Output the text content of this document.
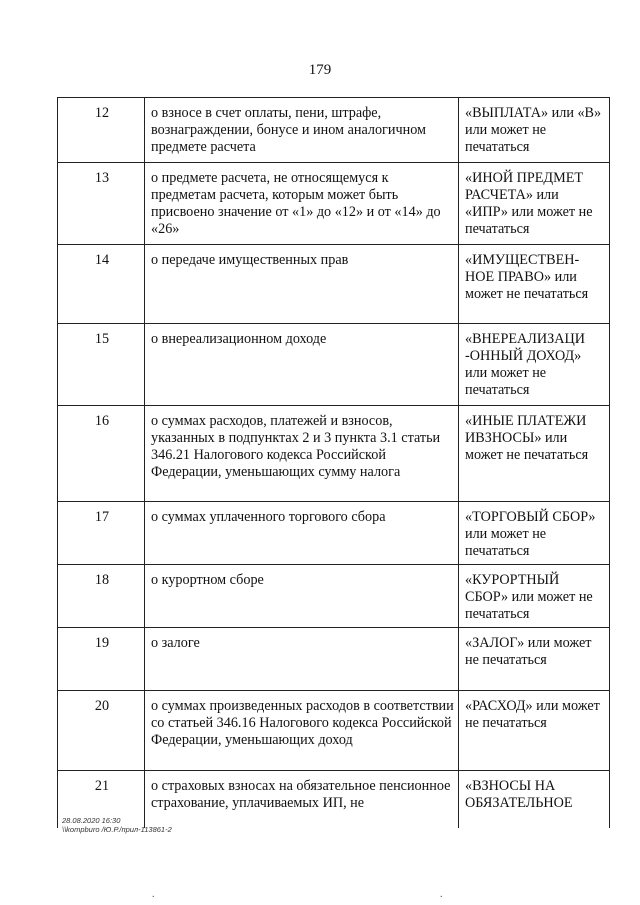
179
12	о взносе в счет оплаты, пени, штрафе, вознаграждении, бонусе и ином аналогичном предмете расчета	«ВЫПЛАТА» или «В» или может не печататься
13	о предмете расчета, не относящемуся к предметам расчета, которым может быть присвоено значение от «1» до «12» и от «14» до «26»	«ИНОЙ ПРЕДМЕТ РАСЧЕТА» или «ИПР» или может не печататься
14	о передаче имущественных прав	«ИМУЩЕСТВЕН-НОЕ ПРАВО» или может не печататься
15	о внереализационном доходе	«ВНЕРЕАЛИЗАЦИ -ОННЫЙ ДОХОД» или может не печататься
16	о суммах расходов, платежей и взносов, указанных в подпунктах 2 и 3 пункта 3.1 статьи 346.21 Налогового кодекса Российской Федерации, уменьшающих сумму налога	«ИНЫЕ ПЛАТЕЖИ ИВЗНОСЫ» или может не печататься
17	о суммах уплаченного торгового сбора	«ТОРГОВЫЙ СБОР» или может не печататься
18	о курортном сборе	«КУРОРТНЫЙ СБОР» или может не печататься
19	о залоге	«ЗАЛОГ» или может не печататься
20	о суммах произведенных расходов в соответствии со статьей 346.16 Налогового кодекса Российской Федерации, уменьшающих доход	«РАСХОД» или может не печататься
21	о страховых взносах на обязательное пенсионное страхование, уплачиваемых ИП, не	«ВЗНОСЫ НА ОБЯЗАТЕЛЬНОЕ
28.08.2020 16:30
\\kompburo /Ю.Р./прил-113861-2
.	.
